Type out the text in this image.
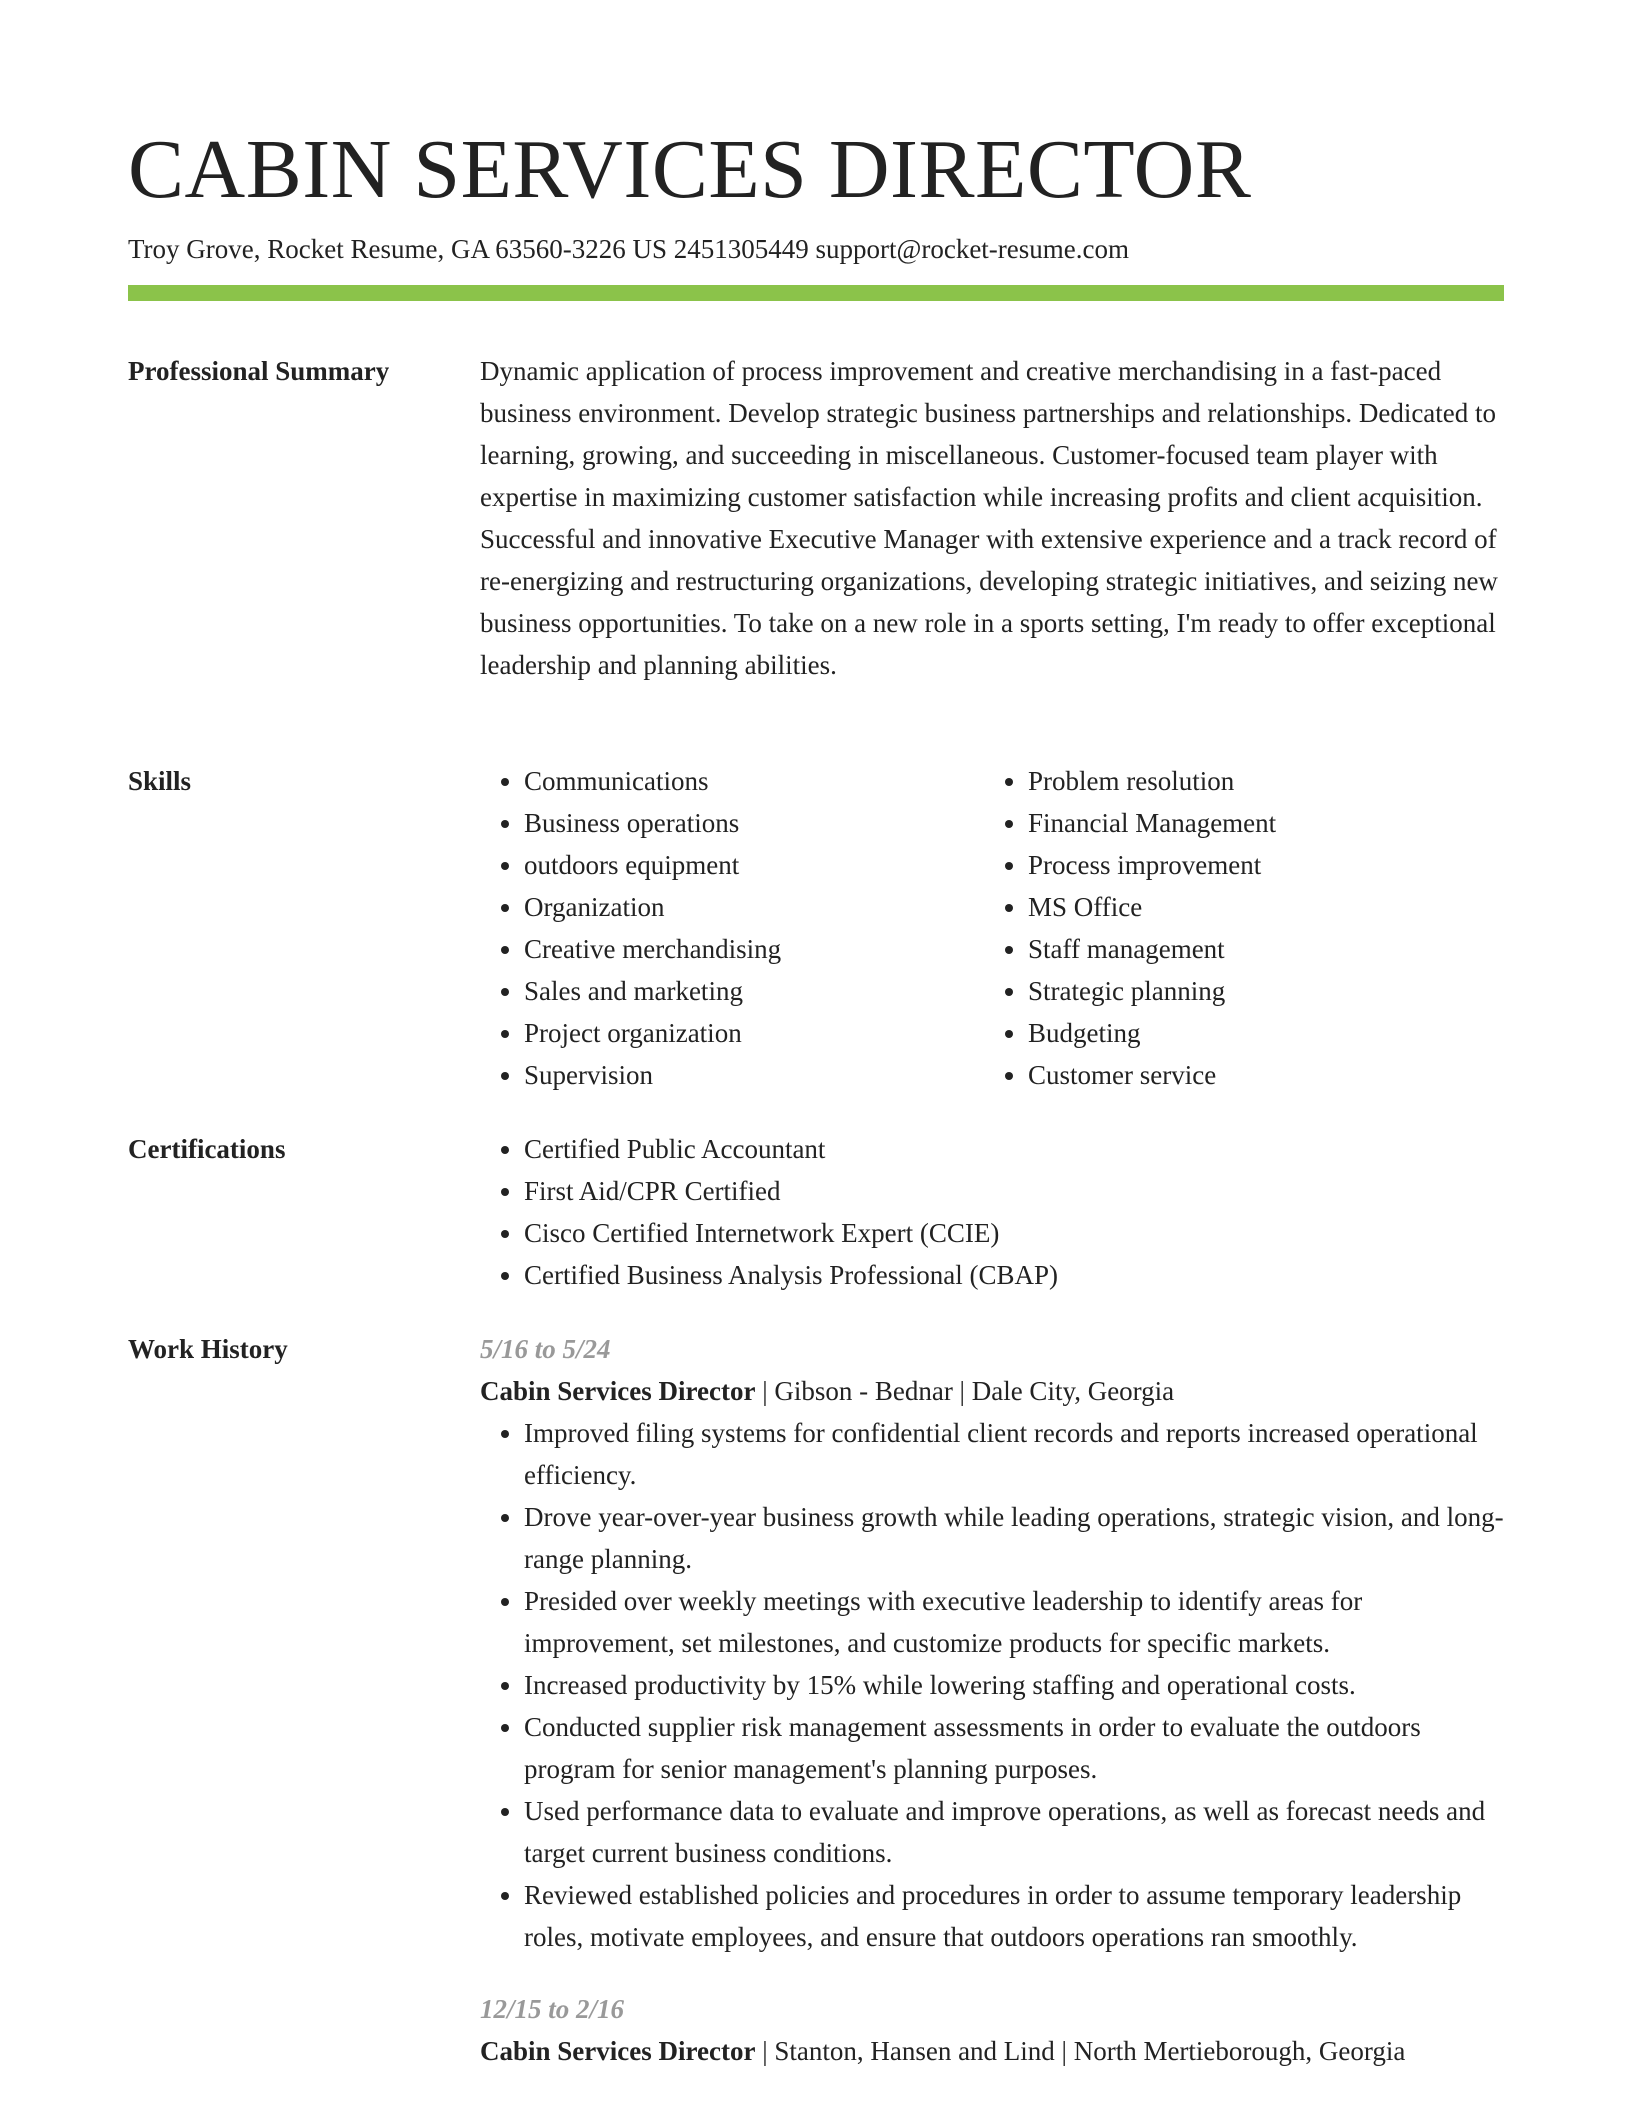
CABIN SERVICES DIRECTOR
Troy Grove, Rocket Resume, GA 63560-3226 US 2451305449 support@rocket-resume.com
Professional Summary	Dynamic application of process improvement and creative merchandising in a fast-paced business environment. Develop strategic business partnerships and relationships. Dedicated to learning, growing, and succeeding in miscellaneous. Customer-focused team player with expertise in maximizing customer satisfaction while increasing profits and client acquisition. Successful and innovative Executive Manager with extensive experience and a track record of re-energizing and restructuring organizations, developing strategic initiatives, and seizing new business opportunities. To take on a new role in a sports setting, I'm ready to offer exceptional leadership and planning abilities.

Skills	• Communications
• Business operations
• outdoors equipment
• Organization
• Creative merchandising
• Sales and marketing
• Project organization
• Supervision
• Problem resolution
• Financial Management
• Process improvement
• MS Office
• Staff management
• Strategic planning
• Budgeting
• Customer service
Certifications	• Certified Public Accountant
• First Aid/CPR Certified
• Cisco Certified Internetwork Expert (CCIE)
• Certified Business Analysis Professional (CBAP)
Work History	5/16 to 5/24
Cabin Services Director | Gibson - Bednar | Dale City, Georgia
• Improved filing systems for confidential client records and reports increased operational efficiency.
• Drove year-over-year business growth while leading operations, strategic vision, and long-range planning.
• Presided over weekly meetings with executive leadership to identify areas for improvement, set milestones, and customize products for specific markets.
• Increased productivity by 15% while lowering staffing and operational costs.
• Conducted supplier risk management assessments in order to evaluate the outdoors program for senior management's planning purposes.
• Used performance data to evaluate and improve operations, as well as forecast needs and target current business conditions.
• Reviewed established policies and procedures in order to assume temporary leadership roles, motivate employees, and ensure that outdoors operations ran smoothly.
12/15 to 2/16
Cabin Services Director | Stanton, Hansen and Lind | North Mertieborough, Georgia
